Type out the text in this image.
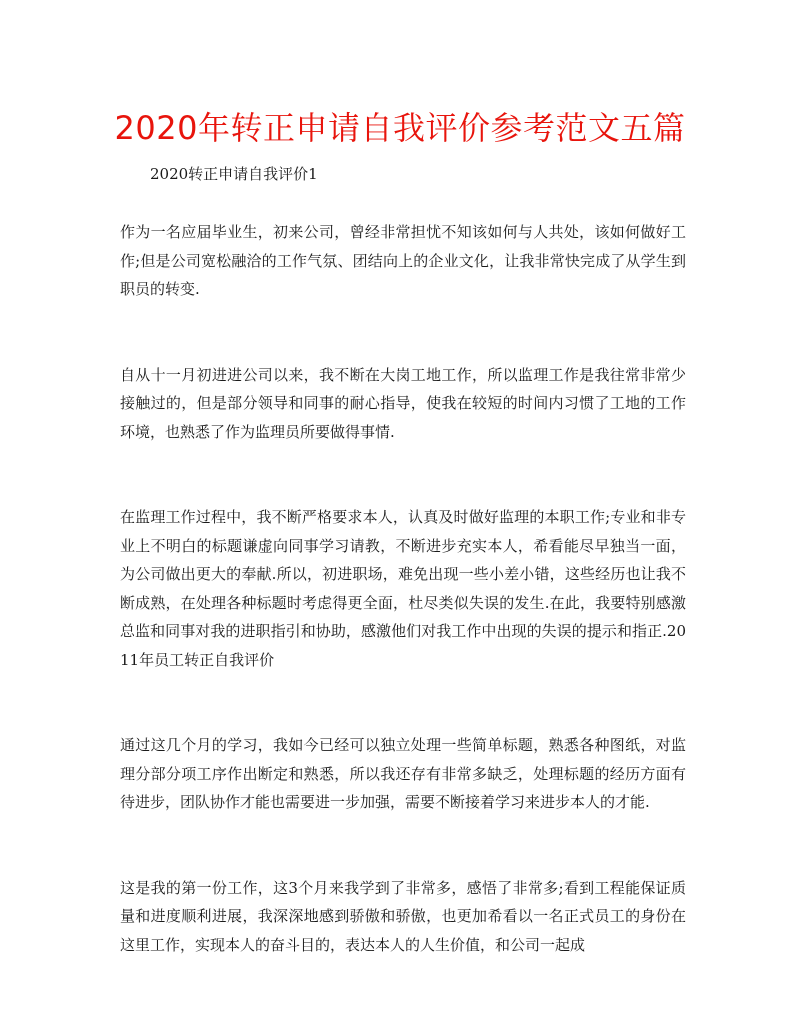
2020年转正申请自我评价参考范文五篇

2020转正申请自我评价1

作为一名应届毕业生，初来公司，曾经非常担忧不知该如何与人共处，该如何做好工作;但是公司宽松融洽的工作气氛、团结向上的企业文化，让我非常快完成了从学生到职员的转变.

自从十一月初进进公司以来，我不断在大岗工地工作，所以监理工作是我往常非常少接触过的，但是部分领导和同事的耐心指导，使我在较短的时间内习惯了工地的工作环境，也熟悉了作为监理员所要做得事情.

在监理工作过程中，我不断严格要求本人，认真及时做好监理的本职工作;专业和非专业上不明白的标题谦虚向同事学习请教，不断进步充实本人，希看能尽早独当一面，为公司做出更大的奉献.所以，初进职场，难免出现一些小差小错，这些经历也让我不断成熟，在处理各种标题时考虑得更全面，杜尽类似失误的发生.在此，我要特别感激总监和同事对我的进职指引和协助，感激他们对我工作中出现的失误的提示和指正.2011年员工转正自我评价

通过这几个月的学习，我如今已经可以独立处理一些简单标题，熟悉各种图纸，对监理分部分项工序作出断定和熟悉，所以我还存有非常多缺乏，处理标题的经历方面有待进步，团队协作才能也需要进一步加强，需要不断接着学习来进步本人的才能.

这是我的第一份工作，这3个月来我学到了非常多，感悟了非常多;看到工程能保证质量和进度顺利进展，我深深地感到骄傲和骄傲，也更加希看以一名正式员工的身份在这里工作，实现本人的奋斗目的，表达本人的人生价值，和公司一起成
